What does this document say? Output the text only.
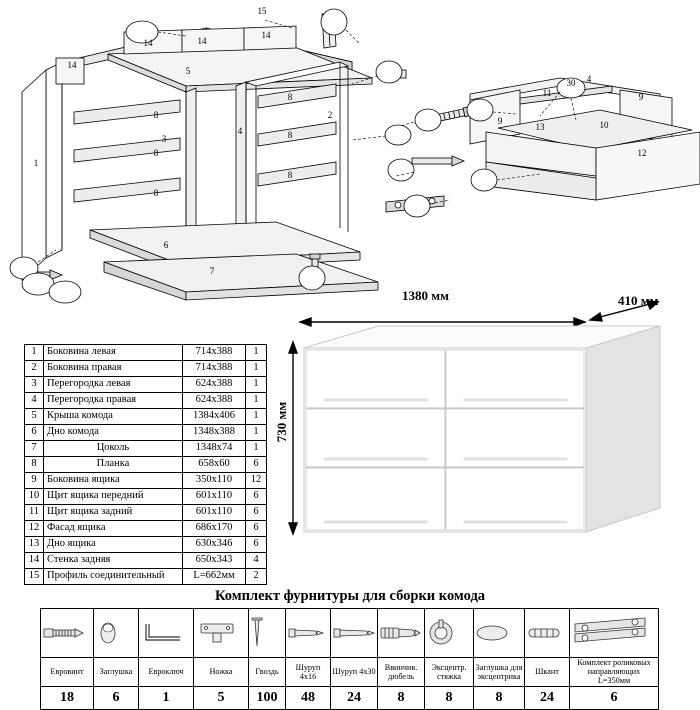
15
14	14
14
14
5
8
8
8
8
8
8
1
2
3
4
6
7
11
30 4
9
9
13	10
12
1	Боковина левая	714x388	1
2	Боковина правая	714x388	1
3	Перегородка левая	624x388	1
4	Перегородка правая	624x388	1
5	Крыша комода	1384x406	1
6	Дно комода	1348x388	1
7	Цоколь	1348x74	1
8	Планка	658x60	6
9	Боковина ящика	350x110	12
10	Щит ящика передний	601x110	6
11	Щит ящика задний	601x110	6
12	Фасад ящика	686x170	6
13	Дно ящика	630x346	6
14	Стенка задняя	650x343	4
15	Профиль соединительный	L=662мм	2
1380 мм	410 мм
730 мм
Комплект фурнитуры для сборки комода

Евровинт	Заглушка	Евроключ	Ножка	Гвоздь	Шуруп 4х16	Шуруп 4х30	Ввинчив. дюбель	Эксцентр. стяжка	Заглушка для эксцентрика	Шкант	Комплект роликовых направляющих L=350мм
18	6	1	5	100	48	24	8	8	8	24	6
